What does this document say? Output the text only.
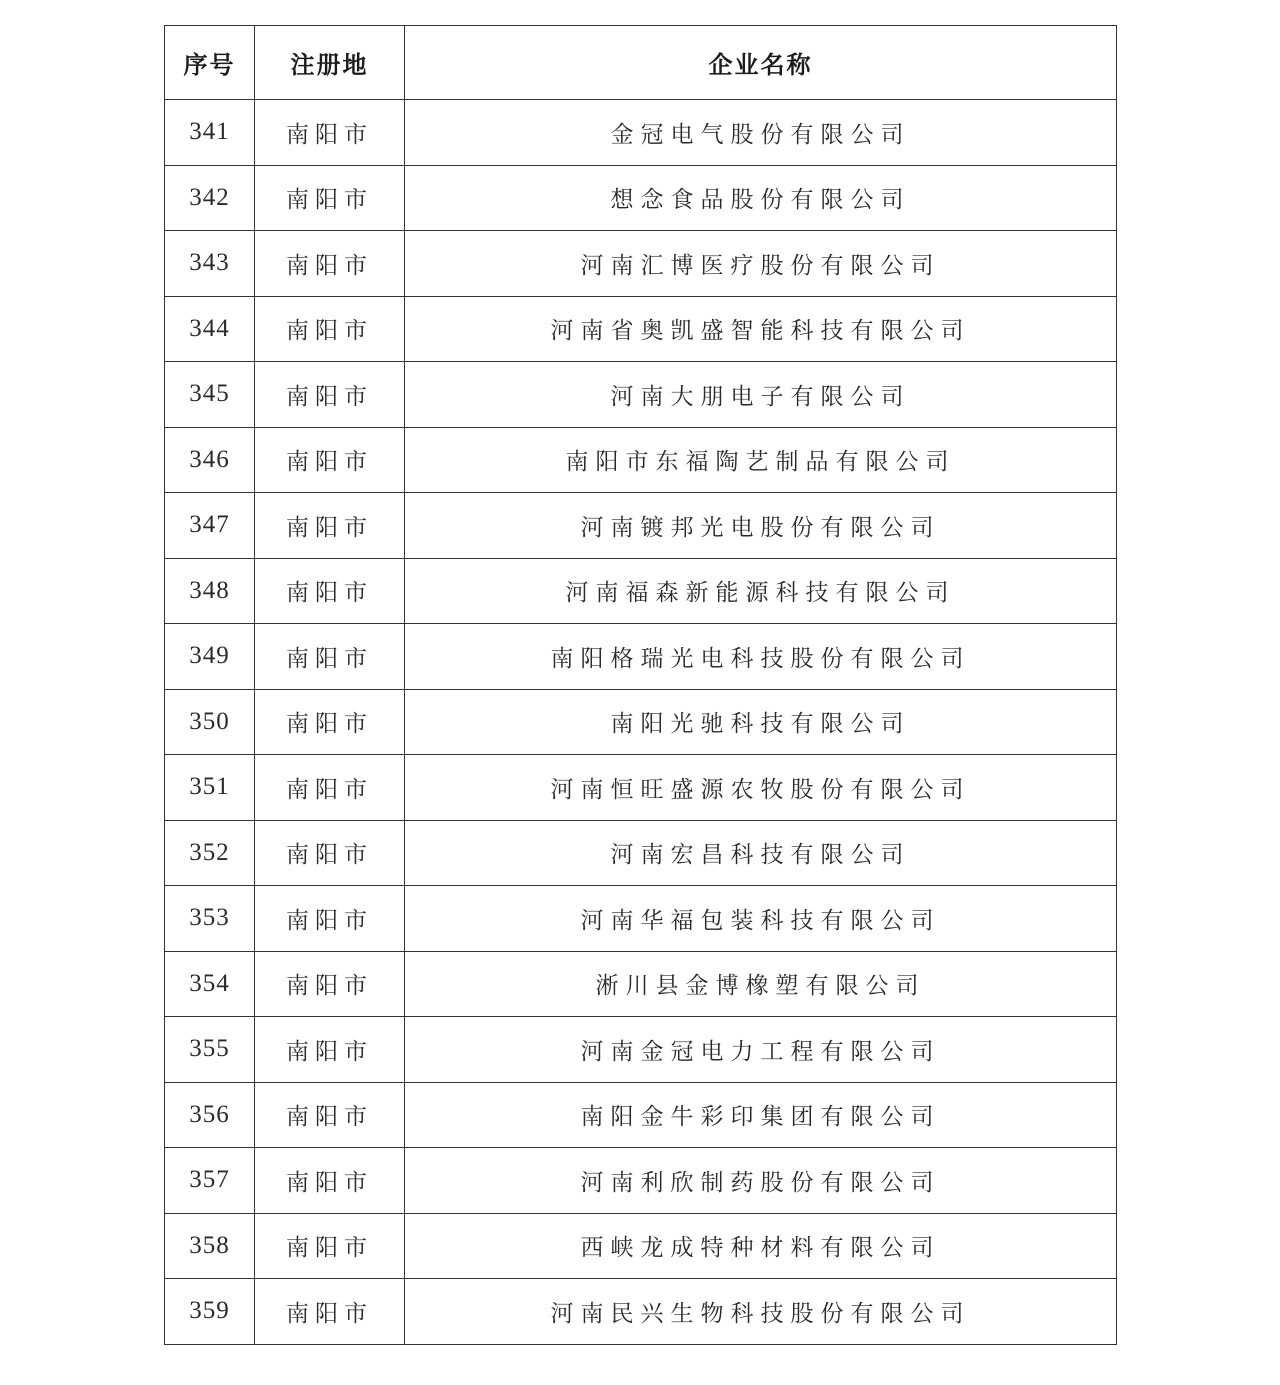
序号	注册地	企业名称
341	南阳市	金冠电气股份有限公司
342	南阳市	想念食品股份有限公司
343	南阳市	河南汇博医疗股份有限公司
344	南阳市	河南省奥凯盛智能科技有限公司
345	南阳市	河南大朋电子有限公司
346	南阳市	南阳市东福陶艺制品有限公司
347	南阳市	河南镀邦光电股份有限公司
348	南阳市	河南福森新能源科技有限公司
349	南阳市	南阳格瑞光电科技股份有限公司
350	南阳市	南阳光驰科技有限公司
351	南阳市	河南恒旺盛源农牧股份有限公司
352	南阳市	河南宏昌科技有限公司
353	南阳市	河南华福包装科技有限公司
354	南阳市	淅川县金博橡塑有限公司
355	南阳市	河南金冠电力工程有限公司
356	南阳市	南阳金牛彩印集团有限公司
357	南阳市	河南利欣制药股份有限公司
358	南阳市	西峡龙成特种材料有限公司
359	南阳市	河南民兴生物科技股份有限公司
